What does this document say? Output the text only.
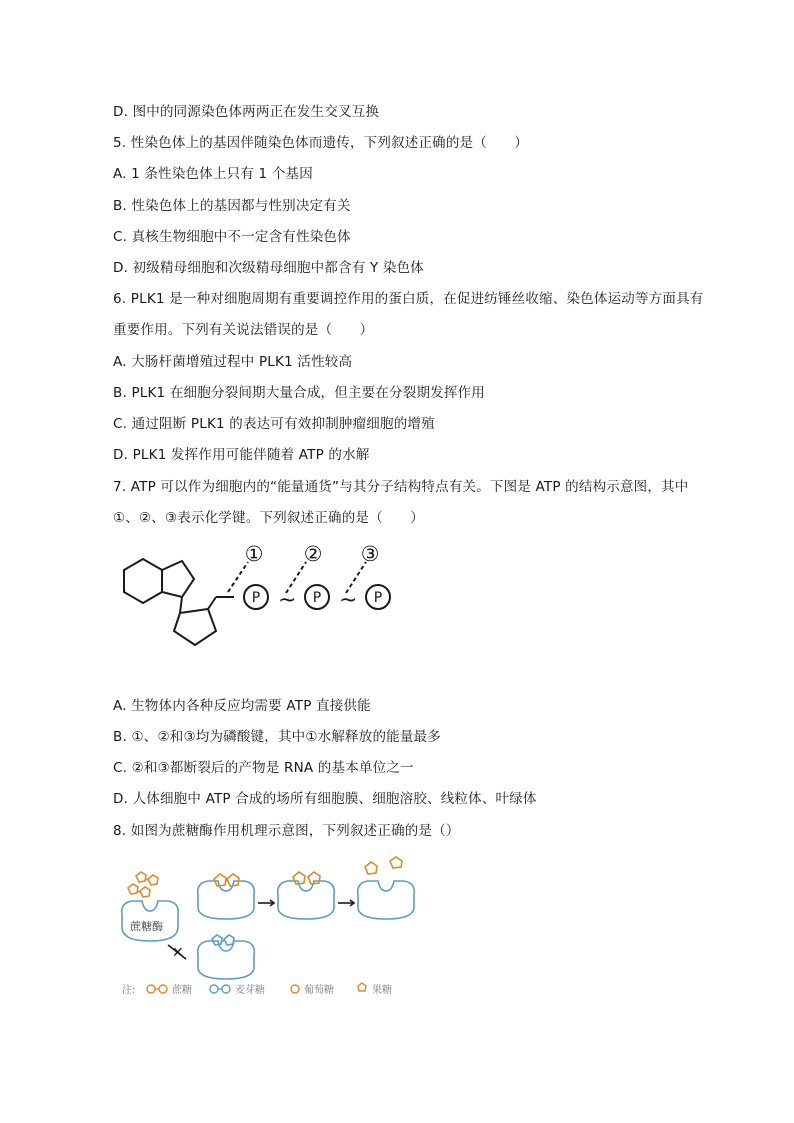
D. 图中的同源染色体两两正在发生交叉互换
5. 性染色体上的基因伴随染色体而遗传，下列叙述正确的是（　　）
A. 1 条性染色体上只有 1 个基因
B. 性染色体上的基因都与性别决定有关
C. 真核生物细胞中不一定含有性染色体
D. 初级精母细胞和次级精母细胞中都含有 Y 染色体
6. PLK1 是一种对细胞周期有重要调控作用的蛋白质，在促进纺锤丝收缩、染色体运动等方面具有
重要作用。下列有关说法错误的是（　　）
A. 大肠杆菌增殖过程中 PLK1 活性较高
B. PLK1 在细胞分裂间期大量合成，但主要在分裂期发挥作用
C. 通过阻断 PLK1 的表达可有效抑制肿瘤细胞的增殖
D. PLK1 发挥作用可能伴随着 ATP 的水解
7. ATP 可以作为细胞内的“能量通货”与其分子结构特点有关。下图是 ATP 的结构示意图，其中
①、②、③表示化学键。下列叙述正确的是（　　）
~ ~
P	P	P
① ② ③
A. 生物体内各种反应均需要 ATP 直接供能
B. ①、②和③均为磷酸键，其中①水解释放的能量最多
C. ②和③都断裂后的产物是 RNA 的基本单位之一
D. 人体细胞中 ATP 合成的场所有细胞膜、细胞溶胶、线粒体、叶绿体
8. 如图为蔗糖酶作用机理示意图，下列叙述正确的是（）
✕
蔗糖酶
注:	蔗糖	麦芽糖	葡萄糖	果糖
